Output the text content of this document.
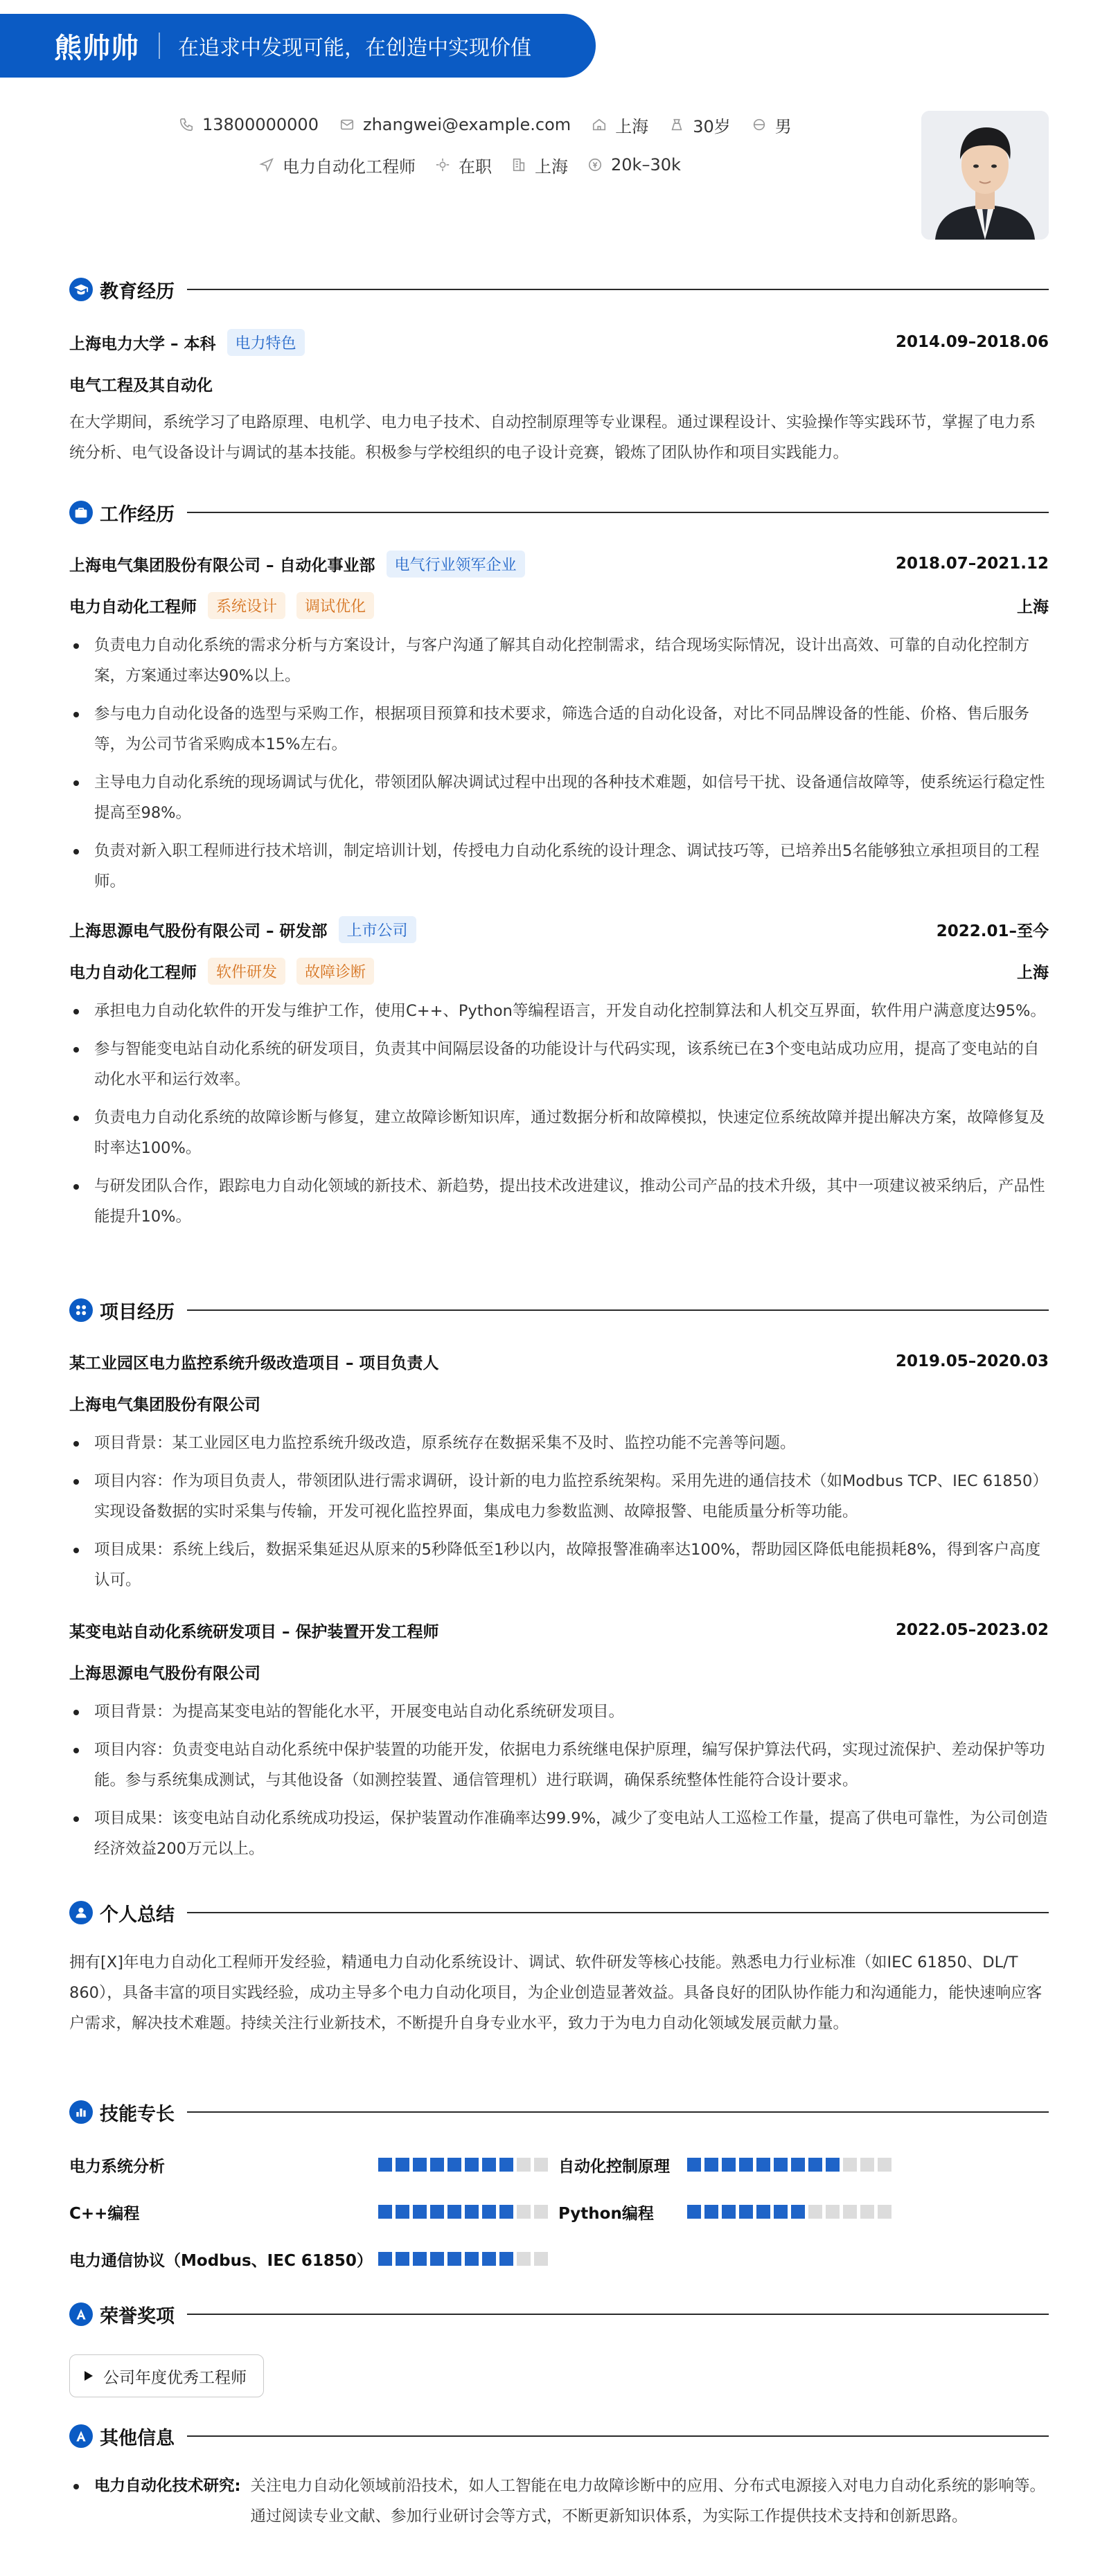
熊帅帅 在追求中发现可能，在创造中实现价值
13800000000	zhangwei@example.com	上海	30岁	男
电力自动化工程师	在职	上海	20k–30k
教育经历
上海电力大学 – 本科	电力特色	2014.09–2018.06
电气工程及其自动化
在大学期间，系统学习了电路原理、电机学、电力电子技术、自动控制原理等专业课程。通过课程设计、实验操作等实践环节，掌握了电力系统分析、电气设备设计与调试的基本技能。积极参与学校组织的电子设计竞赛，锻炼了团队协作和项目实践能力。
工作经历
上海电气集团股份有限公司 – 自动化事业部	电气行业领军企业	2018.07–2021.12
电力自动化工程师	系统设计	调试优化	上海
负责电力自动化系统的需求分析与方案设计，与客户沟通了解其自动化控制需求，结合现场实际情况，设计出高效、可靠的自动化控制方案，方案通过率达90%以上。
参与电力自动化设备的选型与采购工作，根据项目预算和技术要求，筛选合适的自动化设备，对比不同品牌设备的性能、价格、售后服务等，为公司节省采购成本15%左右。
主导电力自动化系统的现场调试与优化，带领团队解决调试过程中出现的各种技术难题，如信号干扰、设备通信故障等，使系统运行稳定性提高至98%。
负责对新入职工程师进行技术培训，制定培训计划，传授电力自动化系统的设计理念、调试技巧等，已培养出5名能够独立承担项目的工程师。
上海思源电气股份有限公司 – 研发部	上市公司	2022.01–至今
电力自动化工程师	软件研发	故障诊断	上海
承担电力自动化软件的开发与维护工作，使用C++、Python等编程语言，开发自动化控制算法和人机交互界面，软件用户满意度达95%。
参与智能变电站自动化系统的研发项目，负责其中间隔层设备的功能设计与代码实现，该系统已在3个变电站成功应用，提高了变电站的自动化水平和运行效率。
负责电力自动化系统的故障诊断与修复，建立故障诊断知识库，通过数据分析和故障模拟，快速定位系统故障并提出解决方案，故障修复及时率达100%。
与研发团队合作，跟踪电力自动化领域的新技术、新趋势，提出技术改进建议，推动公司产品的技术升级，其中一项建议被采纳后，产品性能提升10%。
项目经历
某工业园区电力监控系统升级改造项目 – 项目负责人	2019.05–2020.03
上海电气集团股份有限公司
项目背景：某工业园区电力监控系统升级改造，原系统存在数据采集不及时、监控功能不完善等问题。
项目内容：作为项目负责人，带领团队进行需求调研，设计新的电力监控系统架构。采用先进的通信技术（如Modbus TCP、IEC 61850）实现设备数据的实时采集与传输，开发可视化监控界面，集成电力参数监测、故障报警、电能质量分析等功能。
项目成果：系统上线后，数据采集延迟从原来的5秒降低至1秒以内，故障报警准确率达100%，帮助园区降低电能损耗8%，得到客户高度认可。
某变电站自动化系统研发项目 – 保护装置开发工程师	2022.05–2023.02
上海思源电气股份有限公司
项目背景：为提高某变电站的智能化水平，开展变电站自动化系统研发项目。
项目内容：负责变电站自动化系统中保护装置的功能开发，依据电力系统继电保护原理，编写保护算法代码，实现过流保护、差动保护等功能。参与系统集成测试，与其他设备（如测控装置、通信管理机）进行联调，确保系统整体性能符合设计要求。
项目成果：该变电站自动化系统成功投运，保护装置动作准确率达99.9%，减少了变电站人工巡检工作量，提高了供电可靠性，为公司创造经济效益200万元以上。
个人总结
拥有[X]年电力自动化工程师开发经验，精通电力自动化系统设计、调试、软件研发等核心技能。熟悉电力行业标准（如IEC 61850、DL/T 860），具备丰富的项目实践经验，成功主导多个电力自动化项目，为企业创造显著效益。具备良好的团队协作能力和沟通能力，能快速响应客户需求，解决技术难题。持续关注行业新技术，不断提升自身专业水平，致力于为电力自动化领域发展贡献力量。
技能专长
电力系统分析	自动化控制原理
C++编程	Python编程
电力通信协议（Modbus、IEC 61850）
荣誉奖项
公司年度优秀工程师
其他信息
电力自动化技术研究: 关注电力自动化领域前沿技术，如人工智能在电力故障诊断中的应用、分布式电源接入对电力自动化系统的影响等。通过阅读专业文献、参加行业研讨会等方式，不断更新知识体系，为实际工作提供技术支持和创新思路。
